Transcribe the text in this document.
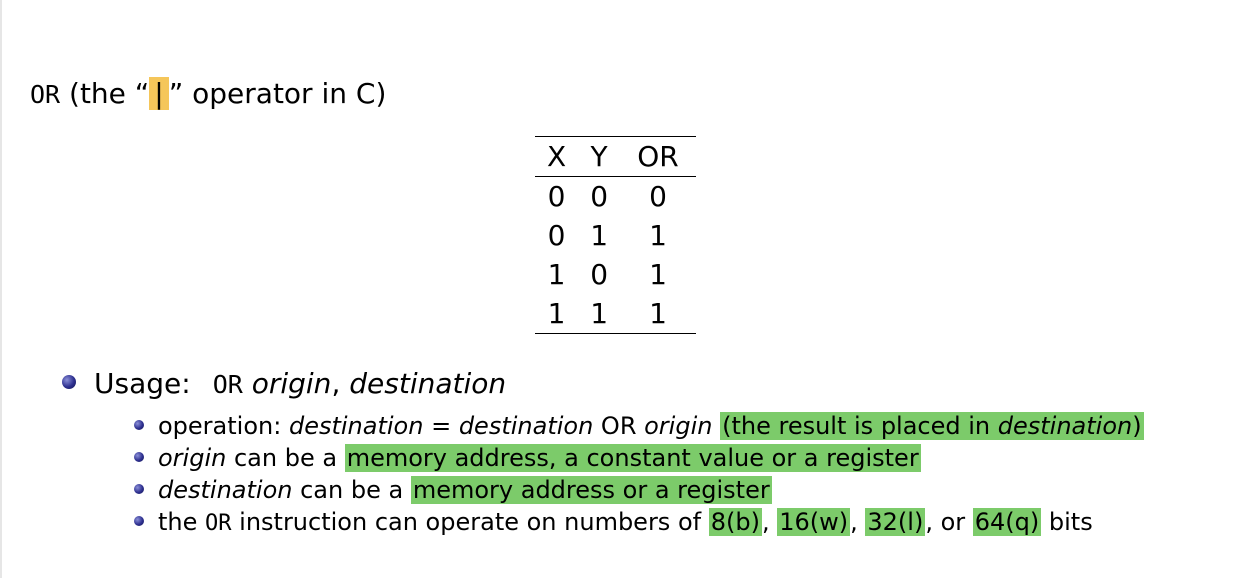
OR (the “ | ” operator in C)
X	Y	OR
0	0	0
0	1	1
1	0	1
1	1	1
Usage: OR origin, destination
operation: destination = destination OR origin (the result is placed in destination)
origin can be a memory address, a constant value or a register
destination can be a memory address or a register
the OR instruction can operate on numbers of 8(b), 16(w), 32(l), or 64(q) bits
